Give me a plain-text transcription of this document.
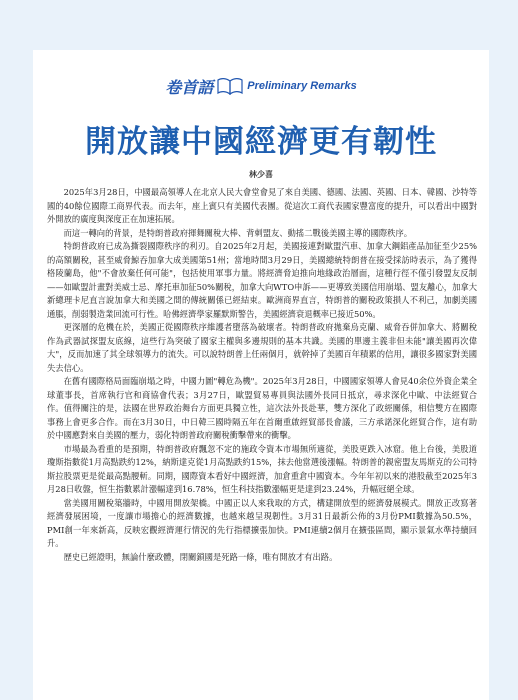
卷首語	Preliminary Remarks
開放讓中國經濟更有韌性
林少喜

2025年3月28日，中國最高領導人在北京人民大會堂會見了來自美國、德國、法國、英國、日本、韓國、沙特等國的40餘位國際工商界代表。而去年，座上賓只有美國代表團。從這次工商代表國家豐富度的提升，可以看出中國對外開放的廣度與深度正在加速拓展。

而這一轉向的背景，是特朗普政府揮舞關稅大棒、背刺盟友、動搖二戰後美國主導的國際秩序。

特朗普政府已成為撕裂國際秩序的利刃。自2025年2月起，美國接連對歐盟汽車、加拿大鋼鋁產品加征至少25%的高額關稅，甚至威脅鯨吞加拿大成美國第51州；當地時間3月29日，美國總統特朗普在接受採訪時表示，為了獲得格陵蘭島，他"不會放棄任何可能"，包括使用軍事力量。將經濟脅迫推向地緣政治層面，這種行徑不僅引發盟友反制——如歐盟計畫對美威士忌、摩托車加征50%關稅，加拿大向WTO申訴——更導致美國信用崩塌、盟友離心，加拿大新總理卡尼直言說加拿大和美國之間的傳統關係已經結束。歐洲商界直言，特朗普的關稅政策損人不利己，加劇美國通脹，削弱製造業回流可行性。哈佛經濟學家羅默斯警告，美國經濟衰退概率已接近50%。

更深層的危機在於，美國正從國際秩序維護者墮落為破壞者。特朗普政府拋棄烏克蘭、威脅吞併加拿大、將關稅作為武器試探盟友底線，這些行為突破了國家主權與多邊規則的基本共識。美國的單邊主義非但未能"讓美國再次偉大"，反而加速了其全球領導力的流失。可以說特朗普上任兩個月，就幹掉了美國百年積累的信用，讓很多國家對美國失去信心。

在舊有國際格局面臨崩塌之時，中國力圖"轉危為機"。2025年3月28日，中國國家領導人會見40余位外資企業全球董事長，首席執行官和商協會代表；3月27日，歐盟貿易專員與法國外長同日抵京，尋求深化中歐、中法經貿合作。值得關注的是，法國在世界政治舞台方面更具獨立性，這次法外長赴華，雙方深化了政經關係，相信雙方在國際事務上會更多合作。而在3月30日，中日韓三國時隔五年在首爾重啟經貿部長會議，三方承諾深化經貿合作，這有助於中國應對來自美國的壓力，弱化特朗普政府關稅衝擊帶來的衝擊。

市場最為看重的是預期，特朗普政府飄忽不定的施政令資本市場無所適從，美股更跌入冰窟。他上台後，美股道瓊斯指數從1月高點跌約12%，納斯達克從1月高點跌約15%，抹去他當選後漲幅。特朗普的親密盟友馬斯克的公司特斯拉股票更是從最高點腰斬。同期，國際資本看好中國經濟，加倉重倉中國資本。今年年初以來的港股截至2025年3月28日收盤，恒生指數累計漲幅達到16.78%，恒生科技指數漲幅更是達到23.24%，升幅冠絕全球。

當美國用關稅築牆時，中國用開放架橋。中國正以人來我取的方式，構建開放型的經濟發展模式。開放正改寫著經濟發展困境，一度讓市場擔心的經濟數據，也越來越呈現韌性。3月31日最新公佈的3月份PMI數據為50.5%，PMI創一年來新高，反映宏觀經濟運行情況的先行指標擴張加快。PMI連續2個月在擴張區間，顯示景氣水準持續回升。

歷史已經證明，無論什麼政體，閉關鎖國是死路一條，唯有開放才有出路。
